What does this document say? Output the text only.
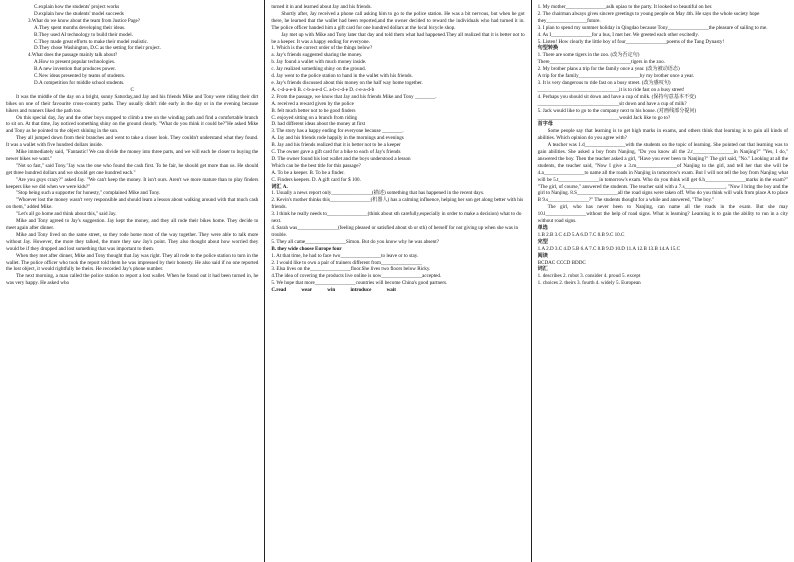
C.explain how the students' project works

D.explain how the students' model succeeds

3.What do we know about the team from Justice Page?

A.They spent months developing their ideas.

B.They used AI technology to build their model.

C.They made great efforts to make their model realistic.

D.They chose Washington, D.C as the setting for their project.

4.What does the passage mainly talk about?

A.How to present popular technologies.

B.A new invention that produces power.

C.New ideas presented by teams of students.

D.A competition for middle school students.

C

It was the middle of the day on a bright, sunny Saturday,and Jay and his friends Mike and Tony were riding their dirt bikes on one of their favourite cross-country paths. They usually didn't ride early in the day or in the evening because hikers and runners liked the path too.

On this special day, Jay and the other boys stopped to climb a tree on the winding path and find a comfortable branch to sit on. At that time, Jay noticed something shiny on the ground clearly. "What do you think it could be?"He asked Mike and Tony as he pointed to the object shining in the sun.

They all jumped down from their branches and went to take a closer look. They couldn't understand what they found. It was a wallet with five hundred dollars inside.

Mike immediately said, "Fantastic! We can divide the money into three parts, and we will each be closer to buying the newer bikes we want."

"Not so fast," said Tony."Jay was the one who found the cash first. To be fair, he should get more than us. He should get three hundred dollars and we should get one hundred each."

"Are you guys crazy?" asked Jay. "We can't keep the money. It isn't ours. Aren't we more mature than to play finders keepers like we did when we were kids?"

"Stop being such a supporter for honesty," complained Mike and Tony.

"Whoever lost the money wasn't very responsible and should learn a lesson about walking around with that much cash on them," added Mike.

"Let's all go home and think about this," said Jay.

Mike and Tony agreed to Jay's suggestion. Jay kept the money, and they all rode their bikes home. They decide to meet again after dinner.

Mike and Tony lived on the same street, so they rode home most of the way together. They were able to talk more without Jay. However, the more they talked, the more they saw Jay's point. They also thought about how worried they would be if they dropped and lost something that was important to them.

When they met after dinner, Mike and Tony thought that Jay was right. They all rode to the police station to turn in the wallet. The police officer who took the report told them he was impressed by their honesty. He also said if no one reported the lost object, it would rightfully be theirs. He recorded Jay's phone number.

The next morning, a man called the police station to report a lost wallet. When he found out it had been turned in, he was very happy. He asked who

turned it in and learned about Jay and his friends.

Shortly after, Jay received a phone call asking him to go to the police station. He was a bit nervous, but when he got there, he learned that the wallet had been reported,and the owner decided to reward the individuals who had turned it in. The police officer handed him a gift card for one hundred dollars at the local bicycle shop.

Jay met up with Mike and Tony later that day and told them what had happened.They all realized that it is better not to be a keeper. It was a happy ending for everyone.

1. Which is the correct order of the things below?

a. Jay's friends suggested sharing the money.

b. Jay found a wallet with much money inside.

c. Jay realized something shiny on the ground.

d. Jay went to the police station to hand in the wallet with his friends.

e. Jay's friends discussed about this money on the half way home together.

A. c-d-a-e-b B. c-b-a-e-d C. a-b-c-d-e D. c-e-a-d-b

2. From the passage, we know that Jay and his friends Mike and Tony ________.

A. received a reward given by the police

B. felt much better not to be good finders

C. enjoyed sitting on a branch from riding

D. had different ideas about the money at first

3. The story has a happy ending for everyone because ________.

A. Jay and his friends rode happily in the mornings and evenings

B. Jay and his friends realized that it is better not to be a keeper

C. The owner gave a gift card for a bike to each of Jay's friends

D. The owner found his lost wallet and the boys understood a lesson

Which can be the best title for this passage?

A. To be a keeper. B. To be a finder.

C. Finders keepers. D. A gift card for $ 100.

词汇 A.

1. Usually a news report only________________(描述) something that has happened in the recent days.

2. Kevin's mother thinks this________________(机器人) has a calming influence, helping her son get along better with his friends.

3. I think he really needs to________________(think about sth carefully,especially in order to make a decision) what to do next.

4. Sarah was________________(feeling pleased or satisfied about sb or sth) of herself for not giving up when she was in trouble.

5. They all came________________Simon. But do you know why he was absent?

B. they wide choose Europe four

1. At that time, he had to face two________________to leave or to stay.

2. I would like to own a pair of trainers different from________________

3. Elsa lives on the________________floor.She lives two floors below Ricky.

4.The idea of covering the products live online is now________________accepted.

5. We hope that more________________countries will become China's good partners.

C.read wear win introduce wait

1. My mother________________aslk opiao to the party. It looked so beautiful on her.

2. The chairman always gives sincere greetings to young people on May 4th. He says the whole society hope they________________future.

3. I plan to spend my summer holiday in Qingdao because Tony________________the pleasure of sailing to me.

4. As I________________for a bus, I met her. We greeted each other excitedly.

5. Listen! How clearly the little boy of four________________poems of the Tang Dynasty!

句型转换

1. There are some tigers in the zoo. (改为否定句)

There________________________________tigers in the zoo.

2. My brother plans a trip for the family once a year. (改为被动语态)

A trip for the family________________________by my brother once a year.

3. It is very dangerous to ride fast on a busy street. (改为感叹句)

________________________________it is to ride fast on a busy street!

4. Perhaps you should sit down and have a cup of milk. (保持句意基本不变)

________________________________sit down and have a cup of milk?

5. Jack would like to go to the company next to his house. (对画线部分提问)

________________________________would Jack like to go to?

首字母

Some people say that learning is to get high marks in exams, and others think that learning is to gain all kinds of abilities. Which opinion do you agree with?

A teacher was 1.d________________with the students on the topic of learning. She pointed out that learning was to gain abilities. She asked a boy from Nanjing, "Do you know all the 2.r________________in Nanjing?" "Yes, I do," answered the boy. Then the teacher asked a girl, "Have you ever been to Nanjing?" The girl said, "No." Looking at all the students, the teacher said, "Now I give a 3.m________________of Nanjing to the girl, and tell her that she will be 4.a________________to name all the roads in Nanjing in tomorrow's exam. But I will not tell the boy from Nanjing what will be 5.t________________in tomorrow's exam. Who do you think will get 6.h________________marks in the exam?" "The girl, of course," answered the students. The teacher said with a 7.s________________, "Now I bring the boy and the girl to Nanjing. 8.S________________all the road signs were taken off. Who do you think will walk from place A to place B 9.s________________?" The students thought for a while and answered, "The boy."

The girl, who has never been to Nanjing, can name all the roads in the exam. But she may 10.l________________without the help of road signs. What is learning? Learning is to gain the ability to run in a city without road signs.

单选

1.B 2.B 3.C 4.D 5.A 6.D 7.C 8.B 9.C 10.C

完型

1.A 2.D 3.C 4.D 5.B 6.A 7.C 8.B 9.D 10.D 11.A 12.B 13.B 14.A 15.C

阅读

BCDAC CCCD BDDC

词汇

1. describes 2. robot 3. consider 4. proud 5. except

1. choices 2. theirs 3. fourth 4. widely 5. European
